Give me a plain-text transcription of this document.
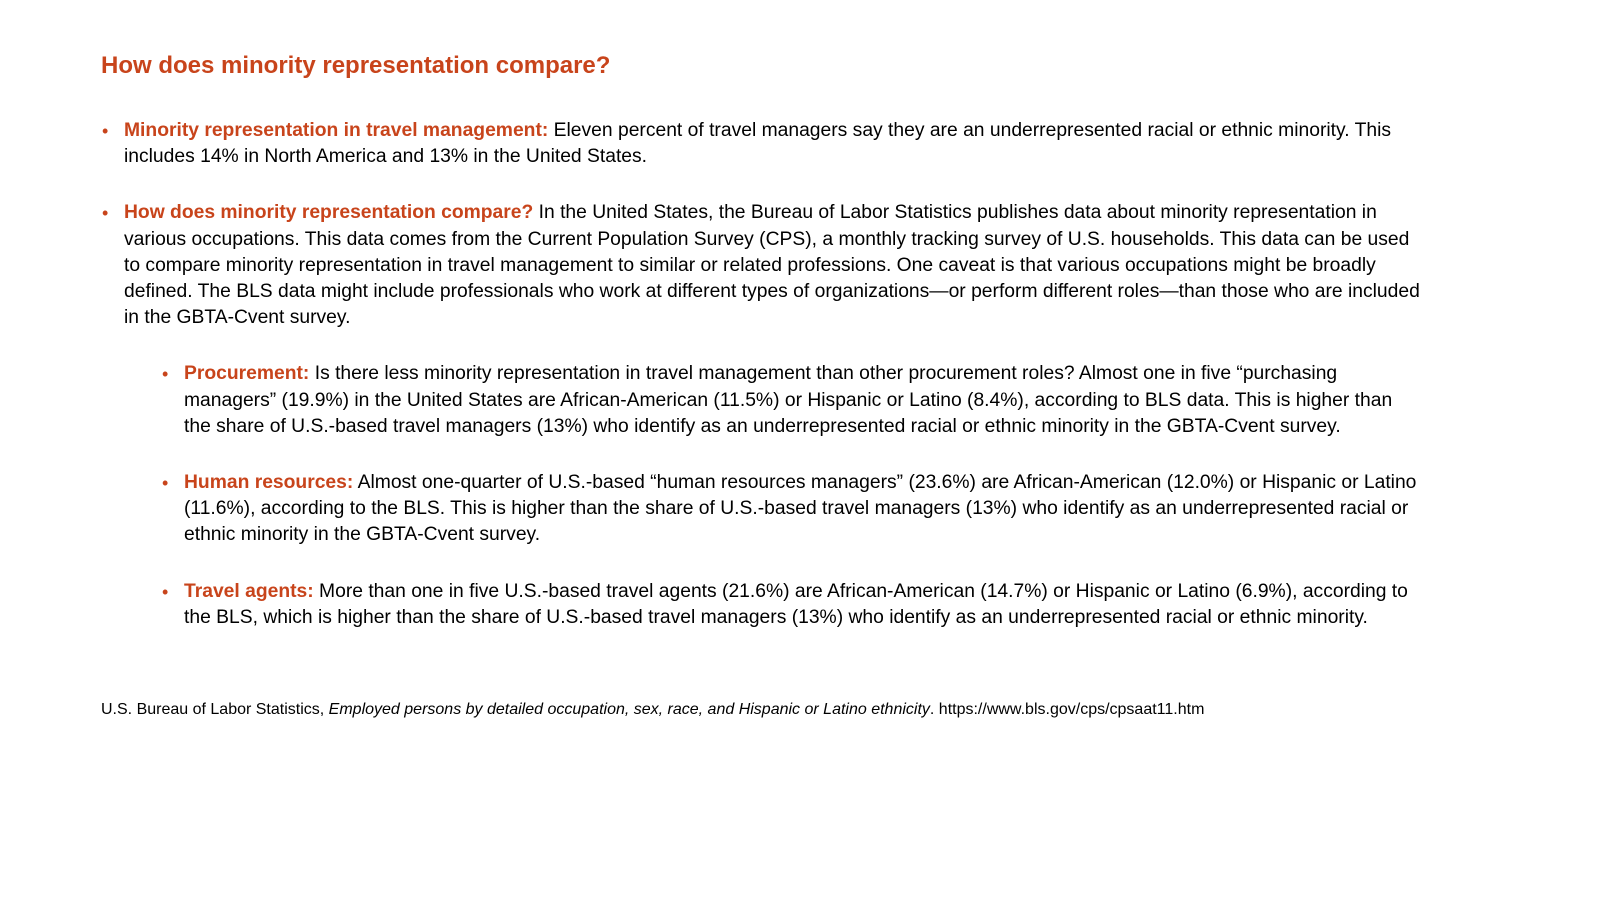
How does minority representation compare?

• Minority representation in travel management: Eleven percent of travel managers say they are an underrepresented racial or ethnic minority. This includes 14% in North America and 13% in the United States.

• How does minority representation compare? In the United States, the Bureau of Labor Statistics publishes data about minority representation in various occupations. This data comes from the Current Population Survey (CPS), a monthly tracking survey of U.S. households. This data can be used to compare minority representation in travel management to similar or related professions. One caveat is that various occupations might be broadly defined. The BLS data might include professionals who work at different types of organizations—or perform different roles—than those who are included in the GBTA-Cvent survey.

• Procurement: Is there less minority representation in travel management than other procurement roles? Almost one in five “purchasing managers” (19.9%) in the United States are African-American (11.5%) or Hispanic or Latino (8.4%), according to BLS data. This is higher than the share of U.S.-based travel managers (13%) who identify as an underrepresented racial or ethnic minority in the GBTA-Cvent survey.

• Human resources: Almost one-quarter of U.S.-based “human resources managers” (23.6%) are African-American (12.0%) or Hispanic or Latino (11.6%), according to the BLS. This is higher than the share of U.S.-based travel managers (13%) who identify as an underrepresented racial or ethnic minority in the GBTA-Cvent survey.

• Travel agents: More than one in five U.S.-based travel agents (21.6%) are African-American (14.7%) or Hispanic or Latino (6.9%), according to the BLS, which is higher than the share of U.S.-based travel managers (13%) who identify as an underrepresented racial or ethnic minority.

U.S. Bureau of Labor Statistics, Employed persons by detailed occupation, sex, race, and Hispanic or Latino ethnicity. https://www.bls.gov/cps/cpsaat11.htm
